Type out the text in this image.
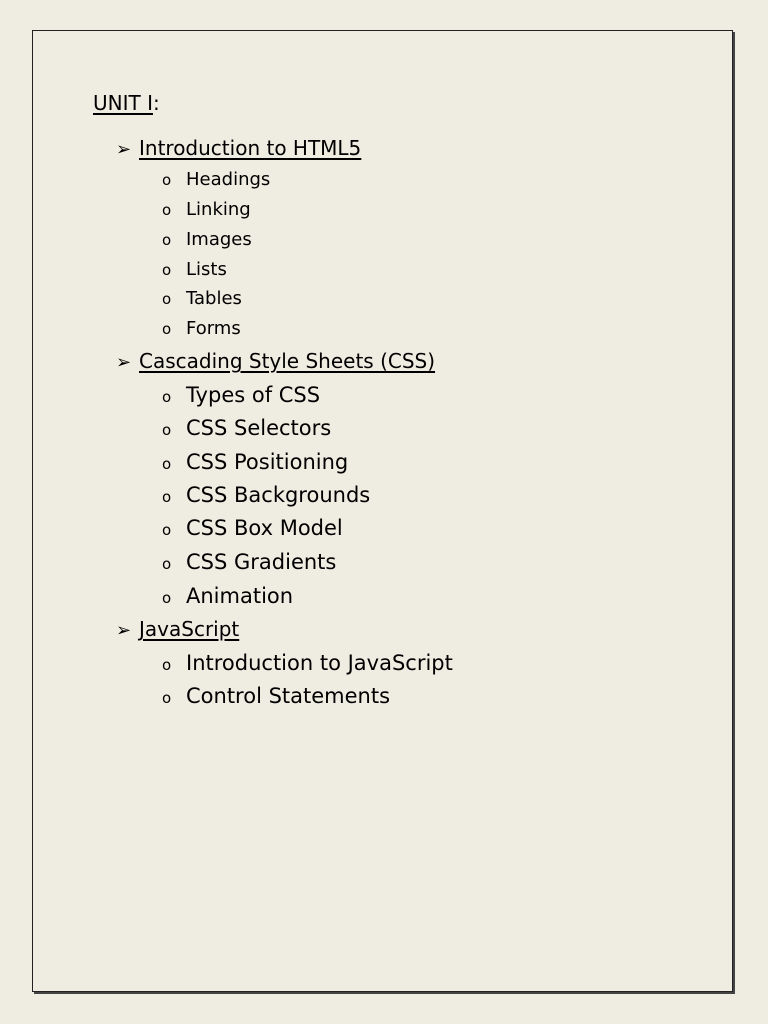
UNIT I:
➢ Introduction to HTML5
o Headings
o Linking
o Images
o Lists
o Tables
o Forms
➢ Cascading Style Sheets (CSS)
o Types of CSS
o CSS Selectors
o CSS Positioning
o CSS Backgrounds
o CSS Box Model
o CSS Gradients
o Animation
➢ JavaScript
o Introduction to JavaScript
o Control Statements
